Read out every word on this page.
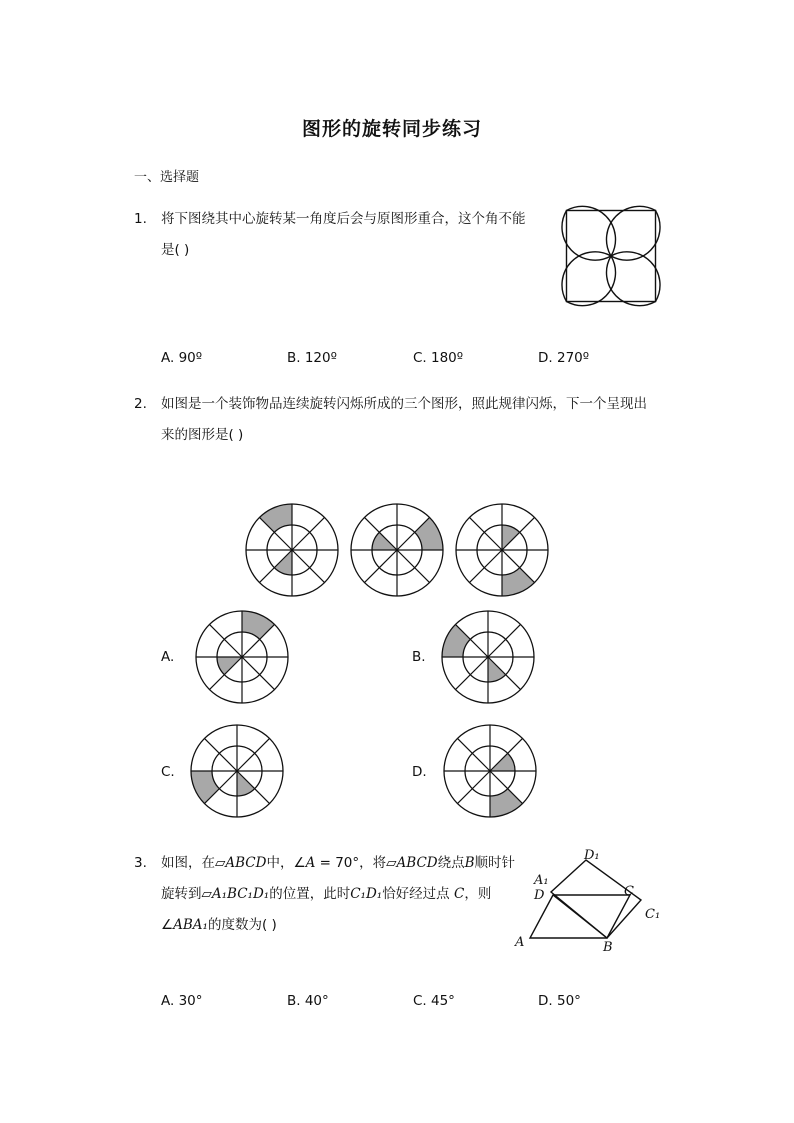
图形的旋转同步练习
一、选择题
1. 将下图绕其中心旋转某一角度后会与原图形重合，这个角不能
是( )
A. 90º	B. 120º	C. 180º	D. 270º
2. 如图是一个装饰物品连续旋转闪烁所成的三个图形，照此规律闪烁，下一个呈现出
来的图形是( )
A.	B.
C.	D.
3. 如图，在▱ABCD中，∠A = 70°，将▱ABCD绕点B顺时针
旋转到▱A₁BC₁D₁的位置，此时C₁D₁恰好经过点 C，则
∠ABA₁的度数为( )
D₁
A₁
D	C
C₁
A	B
A. 30°	B. 40°	C. 45°	D. 50°
